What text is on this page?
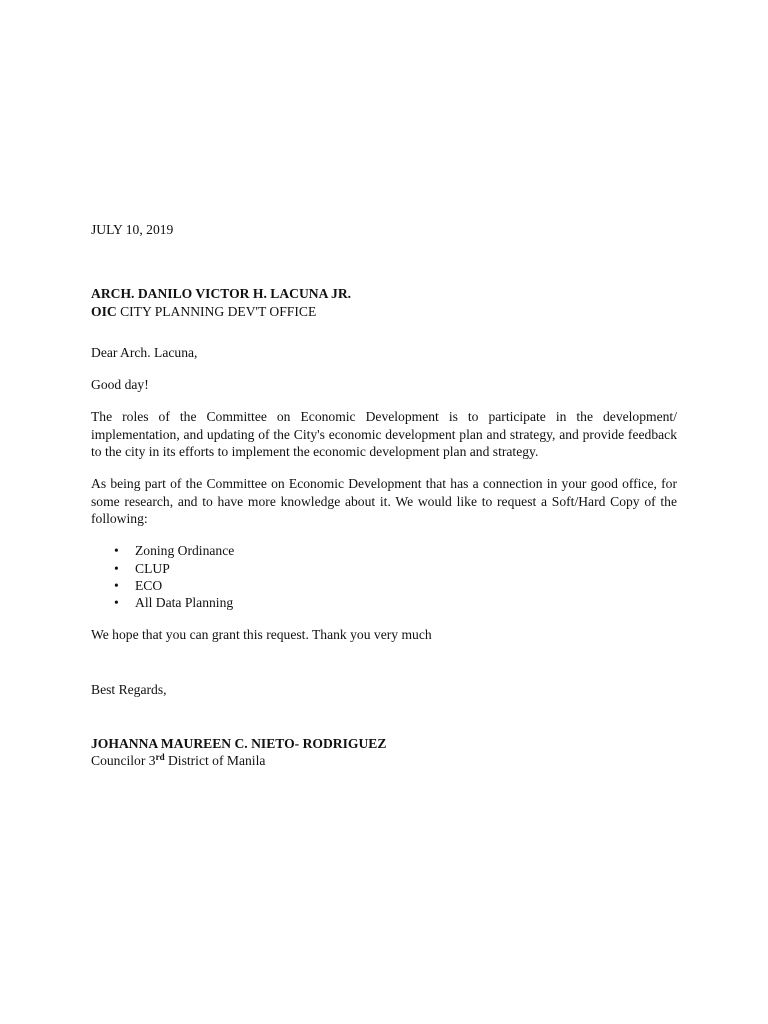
JULY 10, 2019
ARCH. DANILO VICTOR H. LACUNA JR.
OIC CITY PLANNING DEV'T OFFICE
Dear Arch. Lacuna,
Good day!

The roles of the Committee on Economic Development is to participate in the development/ implementation, and updating of the City's economic development plan and strategy, and provide feedback to the city in its efforts to implement the economic development plan and strategy.

As being part of the Committee on Economic Development that has a connection in your good office, for some research, and to have more knowledge about it. We would like to request a Soft/Hard Copy of the following:

• Zoning Ordinance
• CLUP
• ECO
• All Data Planning
We hope that you can grant this request. Thank you very much
Best Regards,
JOHANNA MAUREEN C. NIETO- RODRIGUEZ
Councilor 3rd District of Manila
